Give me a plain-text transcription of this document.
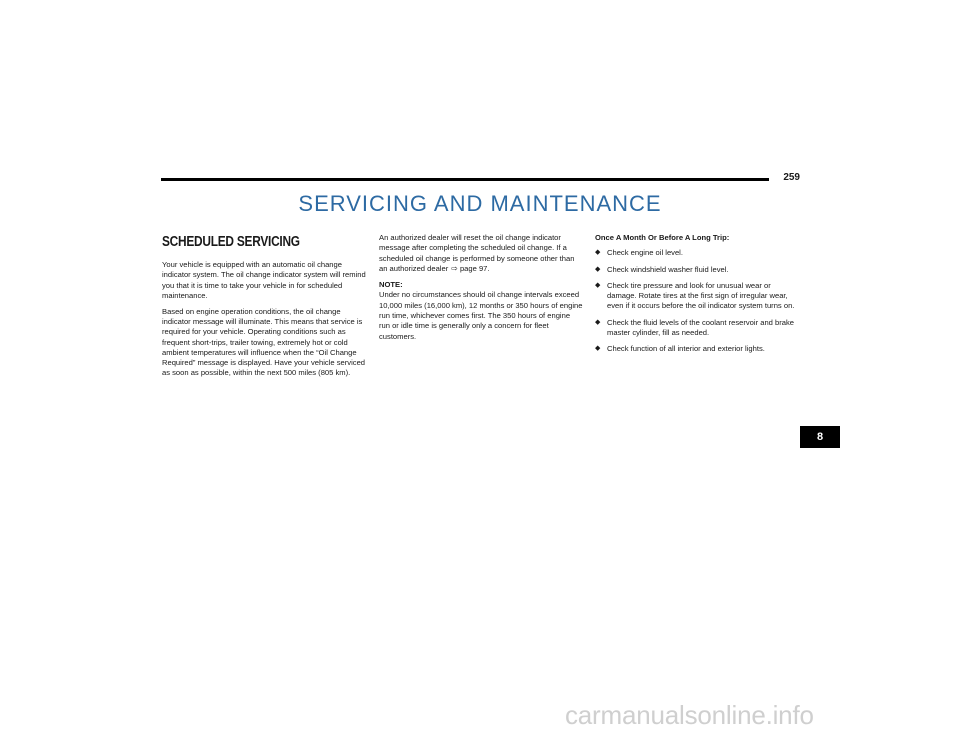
259
SERVICING AND MAINTENANCE
SCHEDULED SERVICING

Your vehicle is equipped with an automatic oil change indicator system. The oil change indicator system will remind you that it is time to take your vehicle in for scheduled maintenance.

Based on engine operation conditions, the oil change indicator message will illuminate. This means that service is required for your vehicle. Operating conditions such as frequent short-trips, trailer towing, extremely hot or cold ambient temperatures will influence when the “Oil Change Required” message is displayed. Have your vehicle serviced as soon as possible, within the next 500 miles (805 km).

An authorized dealer will reset the oil change indicator message after completing the scheduled oil change. If a scheduled oil change is performed by someone other than an authorized dealer ⇨ page 97.

NOTE:

Under no circumstances should oil change intervals exceed 10,000 miles (16,000 km), 12 months or 350 hours of engine run time, whichever comes first. The 350 hours of engine run or idle time is generally only a concern for fleet customers.

Once A Month Or Before A Long Trip:
◆ Check engine oil level.
◆ Check windshield washer fluid level.
◆ Check tire pressure and look for unusual wear or damage. Rotate tires at the first sign of irregular wear, even if it occurs before the oil indicator system turns on.
◆ Check the fluid levels of the coolant reservoir and brake master cylinder, fill as needed.
◆ Check function of all interior and exterior lights.
8
carmanualsonline.info
